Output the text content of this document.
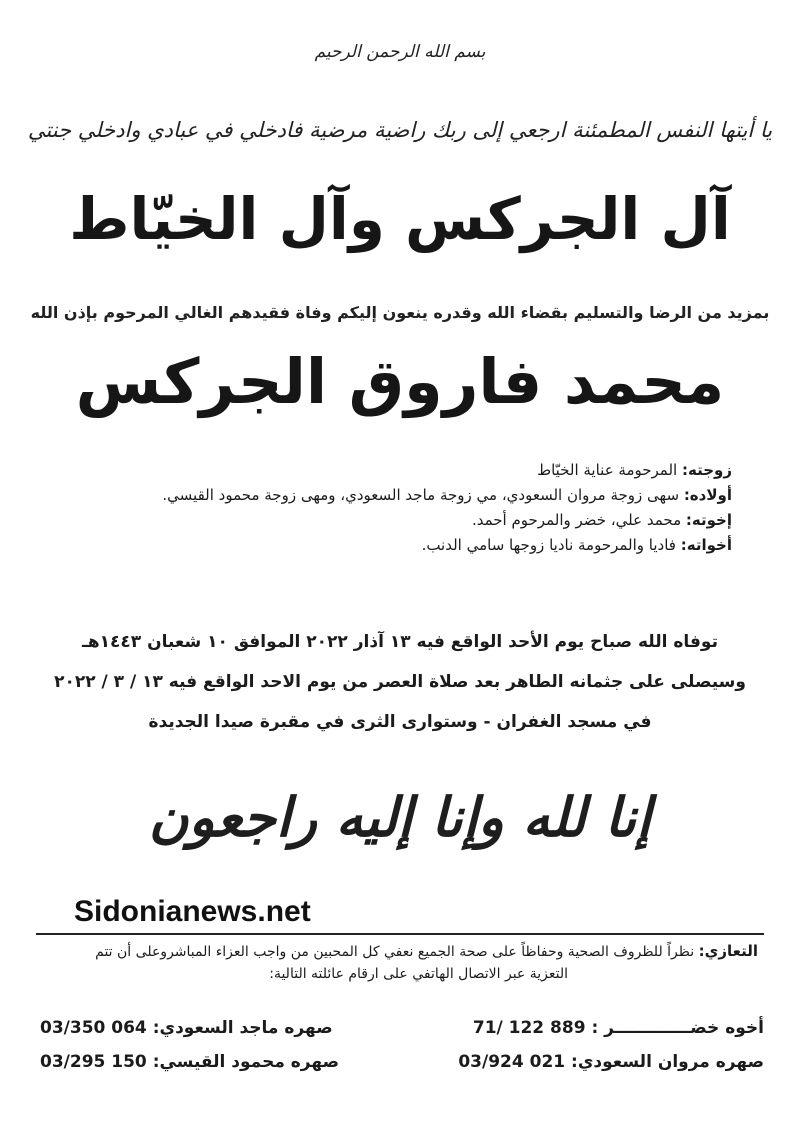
بسم الله الرحمن الرحيم
يا أيتها النفس المطمئنة ارجعي إلى ربك راضية مرضية فادخلي في عبادي وادخلي جنتي
آل الجركس وآل الخيّاط
بمزيد من الرضا والتسليم بقضاء الله وقدره ينعون إليكم وفاة فقيدهم الغالي المرحوم بإذن الله
محمد فاروق الجركس
زوجته: المرحومة عناية الخيّاط
أولاده: سهى زوجة مروان السعودي، مي زوجة ماجد السعودي، ومهى زوجة محمود القيسي.
إخوته: محمد علي، خضر والمرحوم أحمد.
أخواته: فاديا والمرحومة ناديا زوجها سامي الدنب.
توفاه الله صباح يوم الأحد الواقع فيه ١٣ آذار ٢٠٢٢ الموافق ١٠ شعبان ١٤٤٣هـ
وسيصلى على جثمانه الطاهر بعد صلاة العصر من يوم الاحد الواقع فيه ١٣ / ٣ / ٢٠٢٢
في مسجد الغفران - وستوارى الثرى في مقبرة صيدا الجديدة
إنا لله وإنا إليه راجعون
Sidonianews.net
التعازي: نظراً للظروف الصحية وحفاظاً على صحة الجميع نعفي كل المحبين من واجب العزاء المباشروعلى أن تتم
التعزية عبر الاتصال الهاتفي على ارقام عائلته التالية:
أخوه خضـــــــــــــر : 71/ 122 889
صهره مروان السعودي: 03/924 021
صهره ماجد السعودي: 03/350 064
صهره محمود القيسي: 03/295 150
